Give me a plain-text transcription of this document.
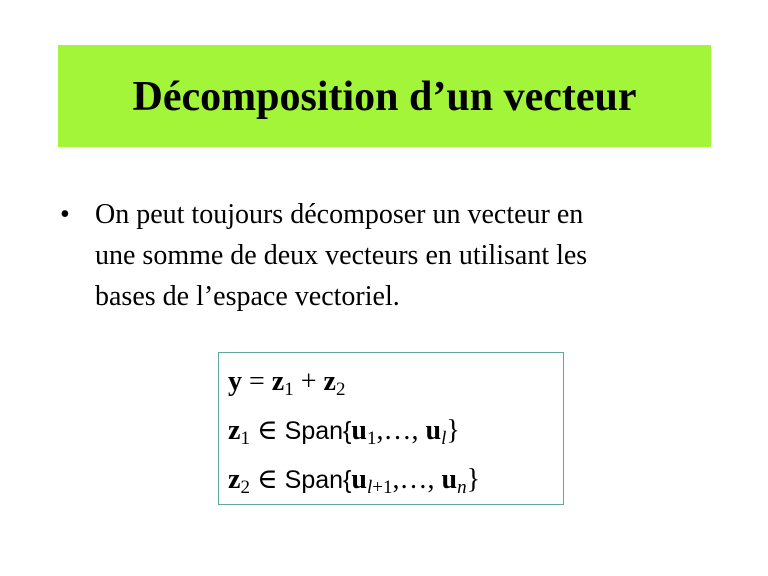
Décomposition d’un vecteur
• On peut toujours décomposer un vecteur en
une somme de deux vecteurs en utilisant les
bases de l’espace vectoriel.
$y = z_1 + z_2$
$z_1$ ∈ $Span\{u_1,\dots$, $u_l$}
$z_2$ ∈ $Span\{u_{l+1},\dots$, $u_n$}
